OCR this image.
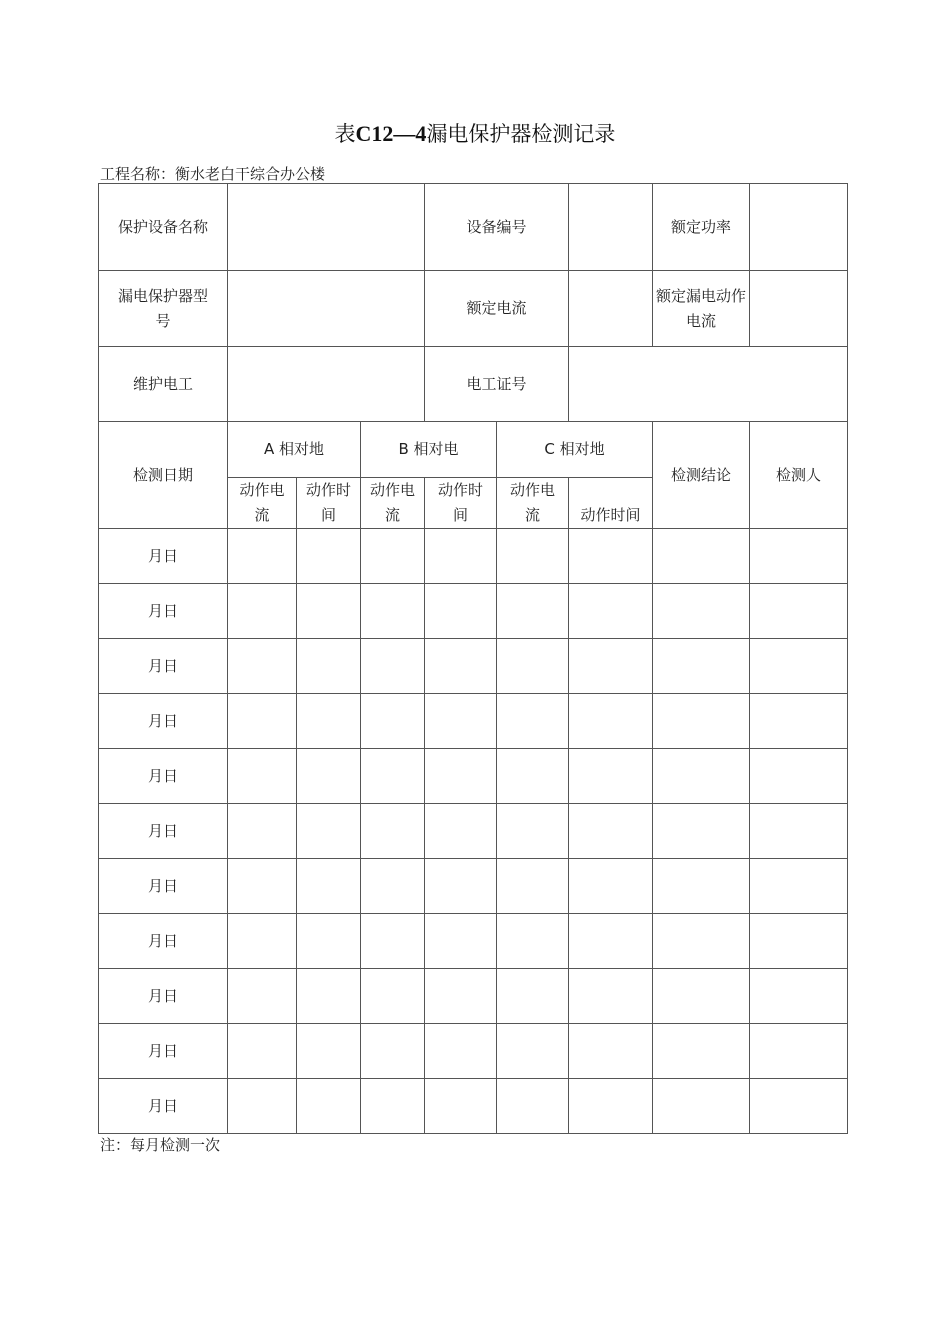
表C12—4漏电保护器检测记录
工程名称：衡水老白干综合办公楼
保护设备名称				设备编号			额定功率	
漏电保护器型号				额定电流			额定漏电动作电流	
维护电工				电工证号				
检测日期	A 相对地		B 相对电		C 相对地		检测结论	检测人
	动作电流	动作时间	动作电流	动作时间	动作电流	动作时间		
月日								
月日								
月日								
月日								
月日								
月日								
月日								
月日								
月日								
月日								
月日								
注：每月检测一次
